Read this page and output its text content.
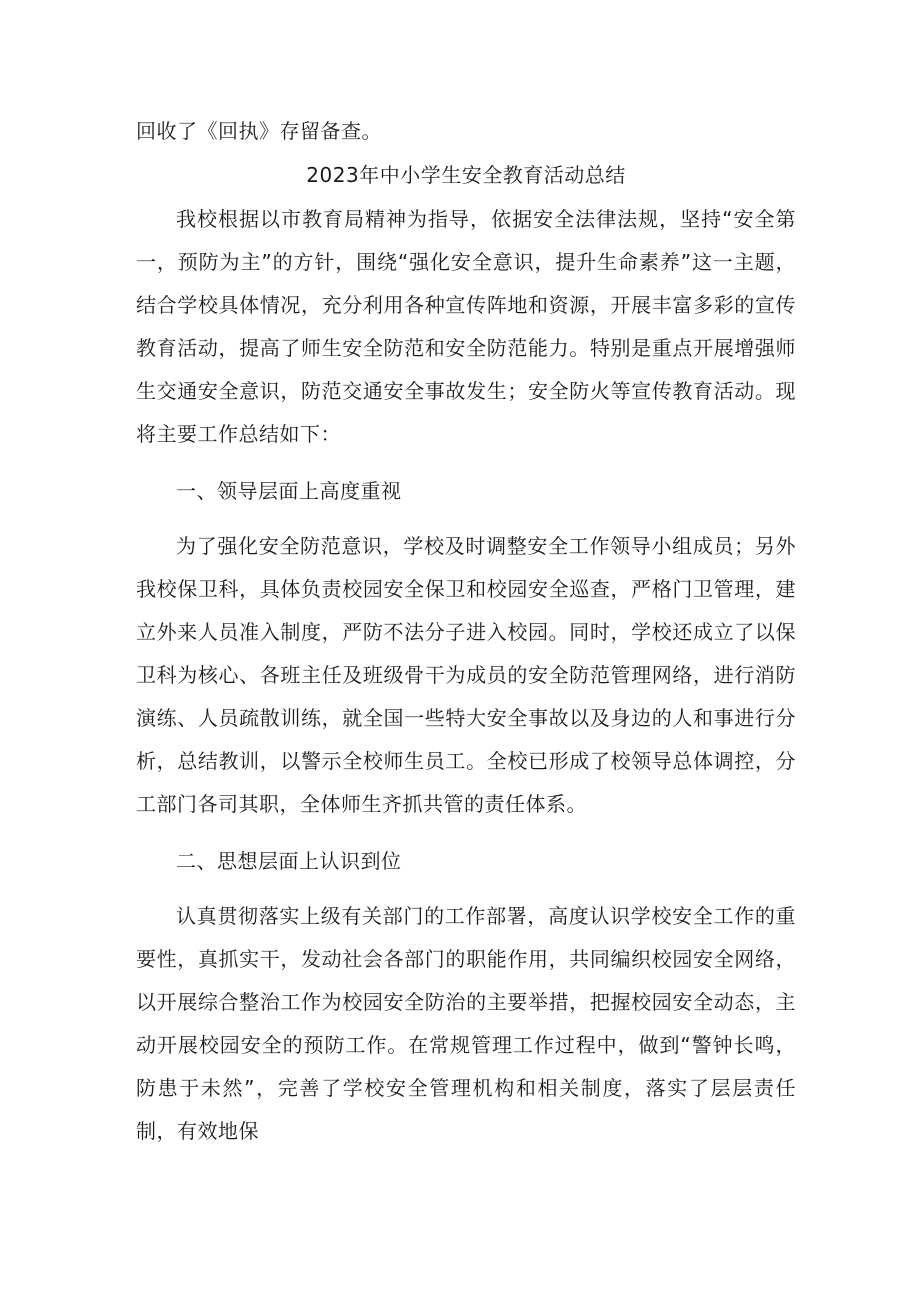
回收了《回执》存留备查。

2023年中小学生安全教育活动总结

我校根据以市教育局精神为指导，依据安全法律法规，坚持“安全第一，预防为主”的方针，围绕“强化安全意识，提升生命素养”这一主题，结合学校具体情况，充分利用各种宣传阵地和资源，开展丰富多彩的宣传教育活动，提高了师生安全防范和安全防范能力。特别是重点开展增强师生交通安全意识，防范交通安全事故发生；安全防火等宣传教育活动。现将主要工作总结如下：

一、领导层面上高度重视

为了强化安全防范意识，学校及时调整安全工作领导小组成员；另外我校保卫科，具体负责校园安全保卫和校园安全巡查，严格门卫管理，建立外来人员准入制度，严防不法分子进入校园。同时，学校还成立了以保卫科为核心、各班主任及班级骨干为成员的安全防范管理网络，进行消防演练、人员疏散训练，就全国一些特大安全事故以及身边的人和事进行分析，总结教训，以警示全校师生员工。全校已形成了校领导总体调控，分工部门各司其职，全体师生齐抓共管的责任体系。

二、思想层面上认识到位

认真贯彻落实上级有关部门的工作部署，高度认识学校安全工作的重要性，真抓实干，发动社会各部门的职能作用，共同编织校园安全网络，以开展综合整治工作为校园安全防治的主要举措，把握校园安全动态，主动开展校园安全的预防工作。在常规管理工作过程中，做到“警钟长鸣，防患于未然”，完善了学校安全管理机构和相关制度，落实了层层责任制，有效地保
